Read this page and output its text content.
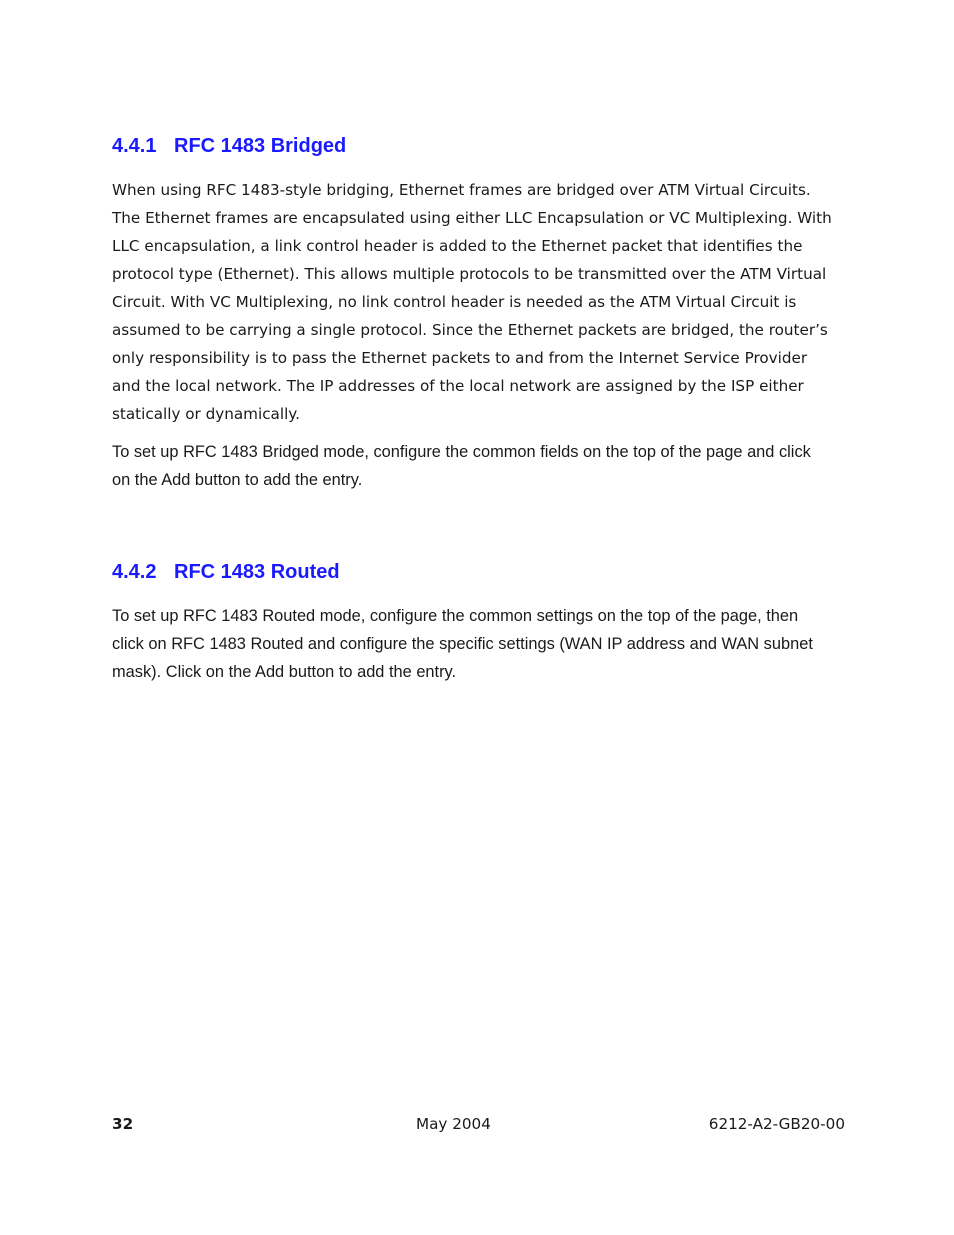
4.4.1 RFC 1483 Bridged

When using RFC 1483-style bridging, Ethernet frames are bridged over ATM Virtual Circuits.
The Ethernet frames are encapsulated using either LLC Encapsulation or VC Multiplexing. With
LLC encapsulation, a link control header is added to the Ethernet packet that identifies the
protocol type (Ethernet). This allows multiple protocols to be transmitted over the ATM Virtual
Circuit. With VC Multiplexing, no link control header is needed as the ATM Virtual Circuit is
assumed to be carrying a single protocol. Since the Ethernet packets are bridged, the router’s
only responsibility is to pass the Ethernet packets to and from the Internet Service Provider
and the local network. The IP addresses of the local network are assigned by the ISP either
statically or dynamically.

To set up RFC 1483 Bridged mode, configure the common fields on the top of the page and click
on the Add button to add the entry.

4.4.2 RFC 1483 Routed

To set up RFC 1483 Routed mode, configure the common settings on the top of the page, then
click on RFC 1483 Routed and configure the specific settings (WAN IP address and WAN subnet
mask). Click on the Add button to add the entry.

32	May 2004	6212-A2-GB20-00
